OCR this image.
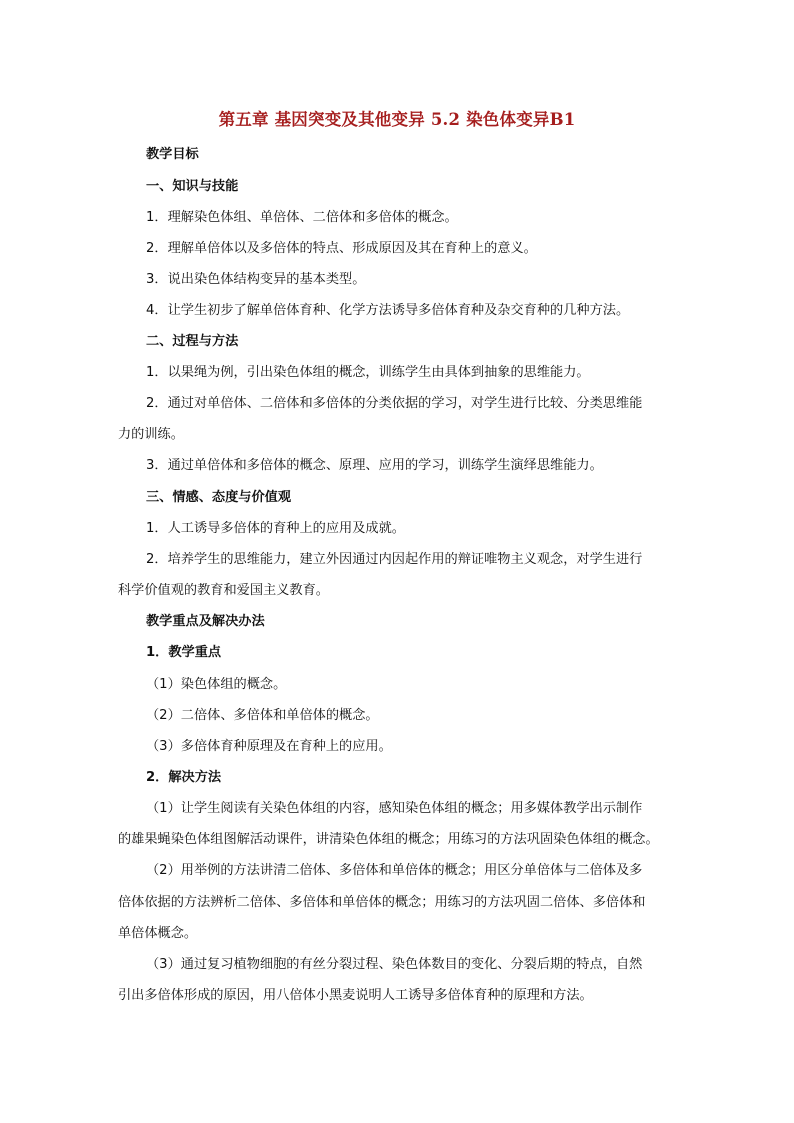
第五章 基因突变及其他变异 5.2 染色体变异B1
教学目标
一、知识与技能
1．理解染色体组、单倍体、二倍体和多倍体的概念。
2．理解单倍体以及多倍体的特点、形成原因及其在育种上的意义。
3．说出染色体结构变异的基本类型。
4．让学生初步了解单倍体育种、化学方法诱导多倍体育种及杂交育种的几种方法。
二、过程与方法
1．以果绳为例，引出染色体组的概念，训练学生由具体到抽象的思维能力。
2．通过对单倍体、二倍体和多倍体的分类依据的学习，对学生进行比较、分类思维能
力的训练。
3．通过单倍体和多倍体的概念、原理、应用的学习，训练学生演绎思维能力。
三、情感、态度与价值观
1．人工诱导多倍体的育种上的应用及成就。
2．培养学生的思维能力，建立外因通过内因起作用的辩证唯物主义观念，对学生进行
科学价值观的教育和爱国主义教育。
教学重点及解决办法
1．教学重点
（1）染色体组的概念。
（2）二倍体、多倍体和单倍体的概念。
（3）多倍体育种原理及在育种上的应用。
2．解决方法
（1）让学生阅读有关染色体组的内容，感知染色体组的概念；用多媒体教学出示制作
的雄果蝇染色体组图解活动课件，讲清染色体组的概念；用练习的方法巩固染色体组的概念。
（2）用举例的方法讲清二倍体、多倍体和单倍体的概念；用区分单倍体与二倍体及多
倍体依据的方法辨析二倍体、多倍体和单倍体的概念；用练习的方法巩固二倍体、多倍体和
单倍体概念。
（3）通过复习植物细胞的有丝分裂过程、染色体数目的变化、分裂后期的特点，自然
引出多倍体形成的原因，用八倍体小黑麦说明人工诱导多倍体育种的原理和方法。
